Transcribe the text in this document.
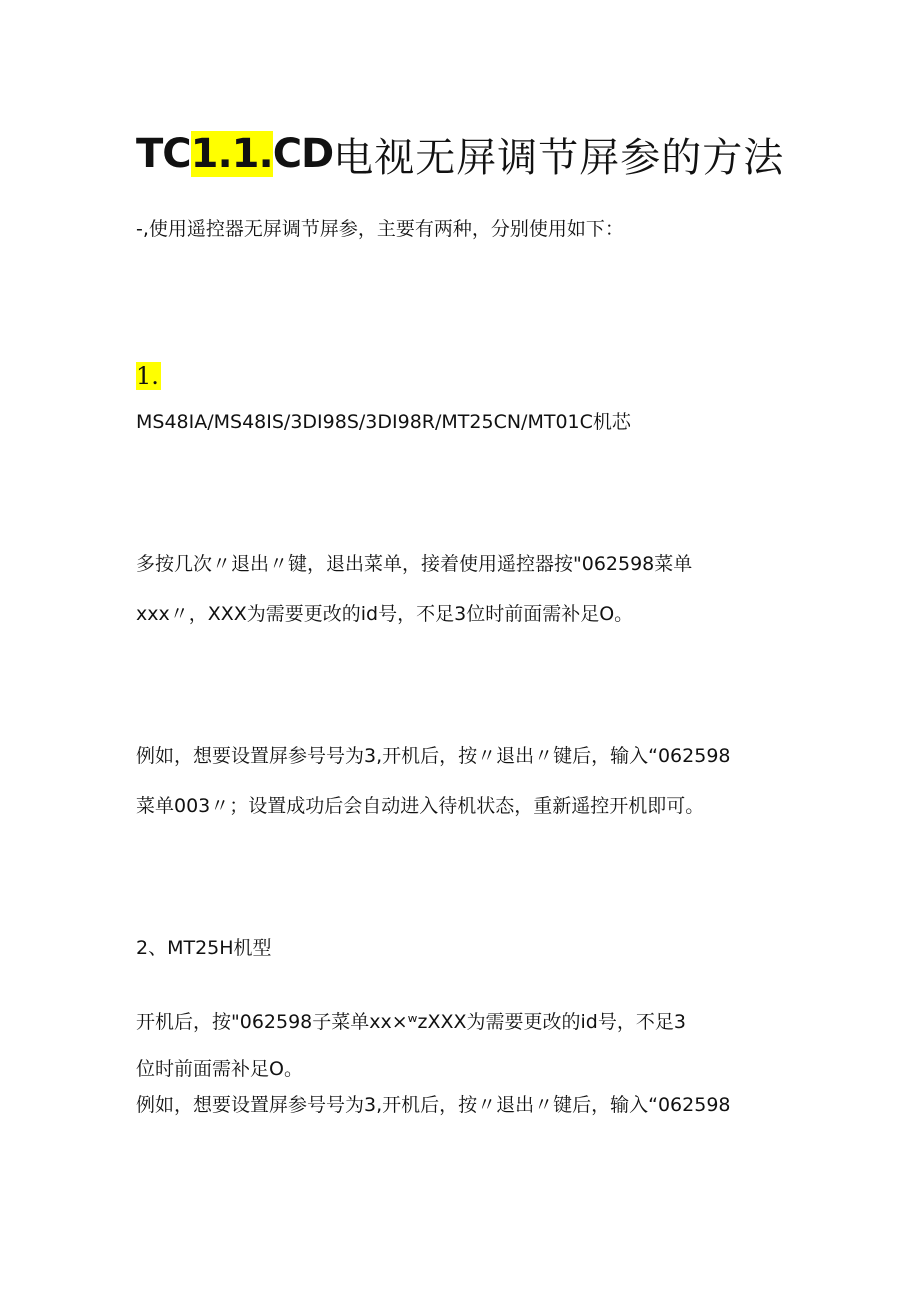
TC 1.1. CD 电视无屏调节屏参的方法
-,使用遥控器无屏调节屏参，主要有两种，分别使用如下：
1.
MS48IA/MS48IS/3DI98S/3DI98R/MT25CN/MT01C机芯
多按几次〃退出〃键，退出菜单，接着使用遥控器按"062598菜单
xxx〃，XXX为需要更改的id号，不足3位时前面需补足O。
例如，想要设置屏参号号为3,开机后，按〃退出〃键后，输入“062598
菜单003〃；设置成功后会自动进入待机状态，重新遥控开机即可。
2、MT25H机型
开机后，按"062598子菜单xx×ʷzXXX为需要更改的id号，不足3
位时前面需补足O。
例如，想要设置屏参号号为3,开机后，按〃退出〃键后，输入“062598
